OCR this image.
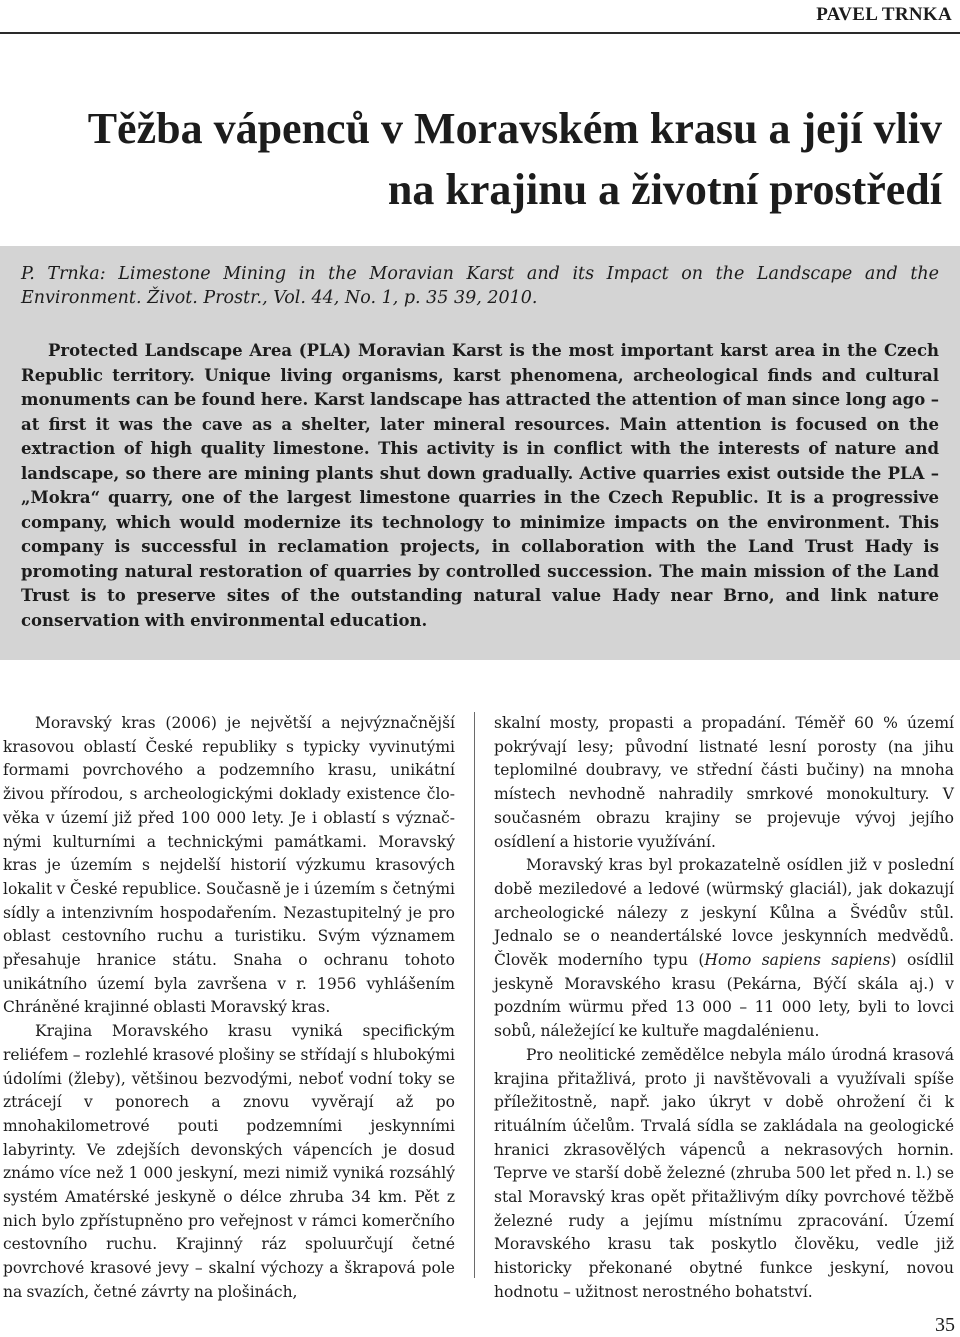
PAVEL TRNKA
Těžba vápenců v Moravském krasu a její vliv
na krajinu a životní prostředí

P. Trnka: Limestone Mining in the Moravian Karst and its Impact on the Landscape and the Environment. Život. Prostr., Vol. 44, No. 1, p. 35 39, 2010.

Protected Landscape Area (PLA) Moravian Karst is the most important karst area in the Czech Republic territory. Unique living organisms, karst phenomena, archeological finds and cultural monuments can be found here. Karst landscape has attracted the attention of man since long ago – at first it was the cave as a shelter, later mineral resources. Main attention is focused on the extraction of high quality limestone. This activity is in conflict with the interests of nature and landscape, so there are mining plants shut down gradually. Active quarries exist outside the PLA – „Mokra“ quarry, one of the largest limestone quarries in the Czech Republic. It is a progressive company, which would modernize its technology to minimize impacts on the environment. This company is successful in reclamation projects, in collaboration with the Land Trust Hady is promoting natural restoration of quarries by controlled succession. The main mission of the Land Trust is to preserve sites of the outstanding natural value Hady near Brno, and link nature conservation with environmental education.

Moravský kras (2006) je největší a nejvýznačnější krasovou oblastí České republiky s typicky vyvinutými formami povrchového a podzemního krasu, unikátní živou přírodou, s archeologickými doklady existence člověka v území již před 100 000 lety. Je i oblastí s význačnými kulturními a technickými památkami. Moravský kras je územím s nejdelší historií výzkumu krasových lokalit v České republice. Současně je i územím s četnými sídly a intenzivním hospodařením. Nezastupitelný je pro oblast cestovního ruchu a turistiku. Svým významem přesahuje hranice státu. Snaha o ochranu tohoto unikátního území byla završena v r. 1956 vyhlášením Chráněné krajinné oblasti Moravský kras.

Krajina Moravského krasu vyniká specifickým reliéfem – rozlehlé krasové plošiny se střídají s hlubokými údolími (žleby), většinou bezvodými, neboť vodní toky se ztrácejí v ponorech a znovu vyvěrají až po mnohakilometrové pouti podzemními jeskynními labyrinty. Ve zdejších devonských vápencích je dosud známo více než 1 000 jeskyní, mezi nimiž vyniká rozsáhlý systém Amatérské jeskyně o délce zhruba 34 km. Pět z nich bylo zpřístupněno pro veřejnost v rámci komerčního cestovního ruchu. Krajinný ráz spoluurčují četné povrchové krasové jevy – skalní výchozy a škrapová pole na svazích, četné závrty na plošinách,

skalní mosty, propasti a propadání. Téměř 60 % území pokrývají lesy; původní listnaté lesní porosty (na jihu teplomilné doubravy, ve střední části bučiny) na mnoha místech nevhodně nahradily smrkové monokultury. V současném obrazu krajiny se projevuje vývoj jejího osídlení a historie využívání.

Moravský kras byl prokazatelně osídlen již v poslední době meziledové a ledové (würmský glaciál), jak dokazují archeologické nálezy z jeskyní Kůlna a Švédův stůl. Jednalo se o neandertálské lovce jeskynních medvědů. Člověk moderního typu (Homo sapiens sapiens) osídlil jeskyně Moravského krasu (Pekárna, Býčí skála aj.) v pozdním würmu před 13 000 – 11 000 lety, byli to lovci sobů, náležející ke kultuře magdalénienu.

Pro neolitické zemědělce nebyla málo úrodná krasová krajina přitažlivá, proto ji navštěvovali a využívali spíše příležitostně, např. jako úkryt v době ohrožení či k rituálním účelům. Trvalá sídla se zakládala na geologické hranici zkrasovělých vápenců a nekrasových hornin. Teprve ve starší době železné (zhruba 500 let před n. l.) se stal Moravský kras opět přitažlivým díky povrchové těžbě železné rudy a jejímu místnímu zpracování. Území Moravského krasu tak poskytlo člověku, vedle již historicky překonané obytné funkce jeskyní, novou hodnotu – užitnost nerostného bohatství.

35
